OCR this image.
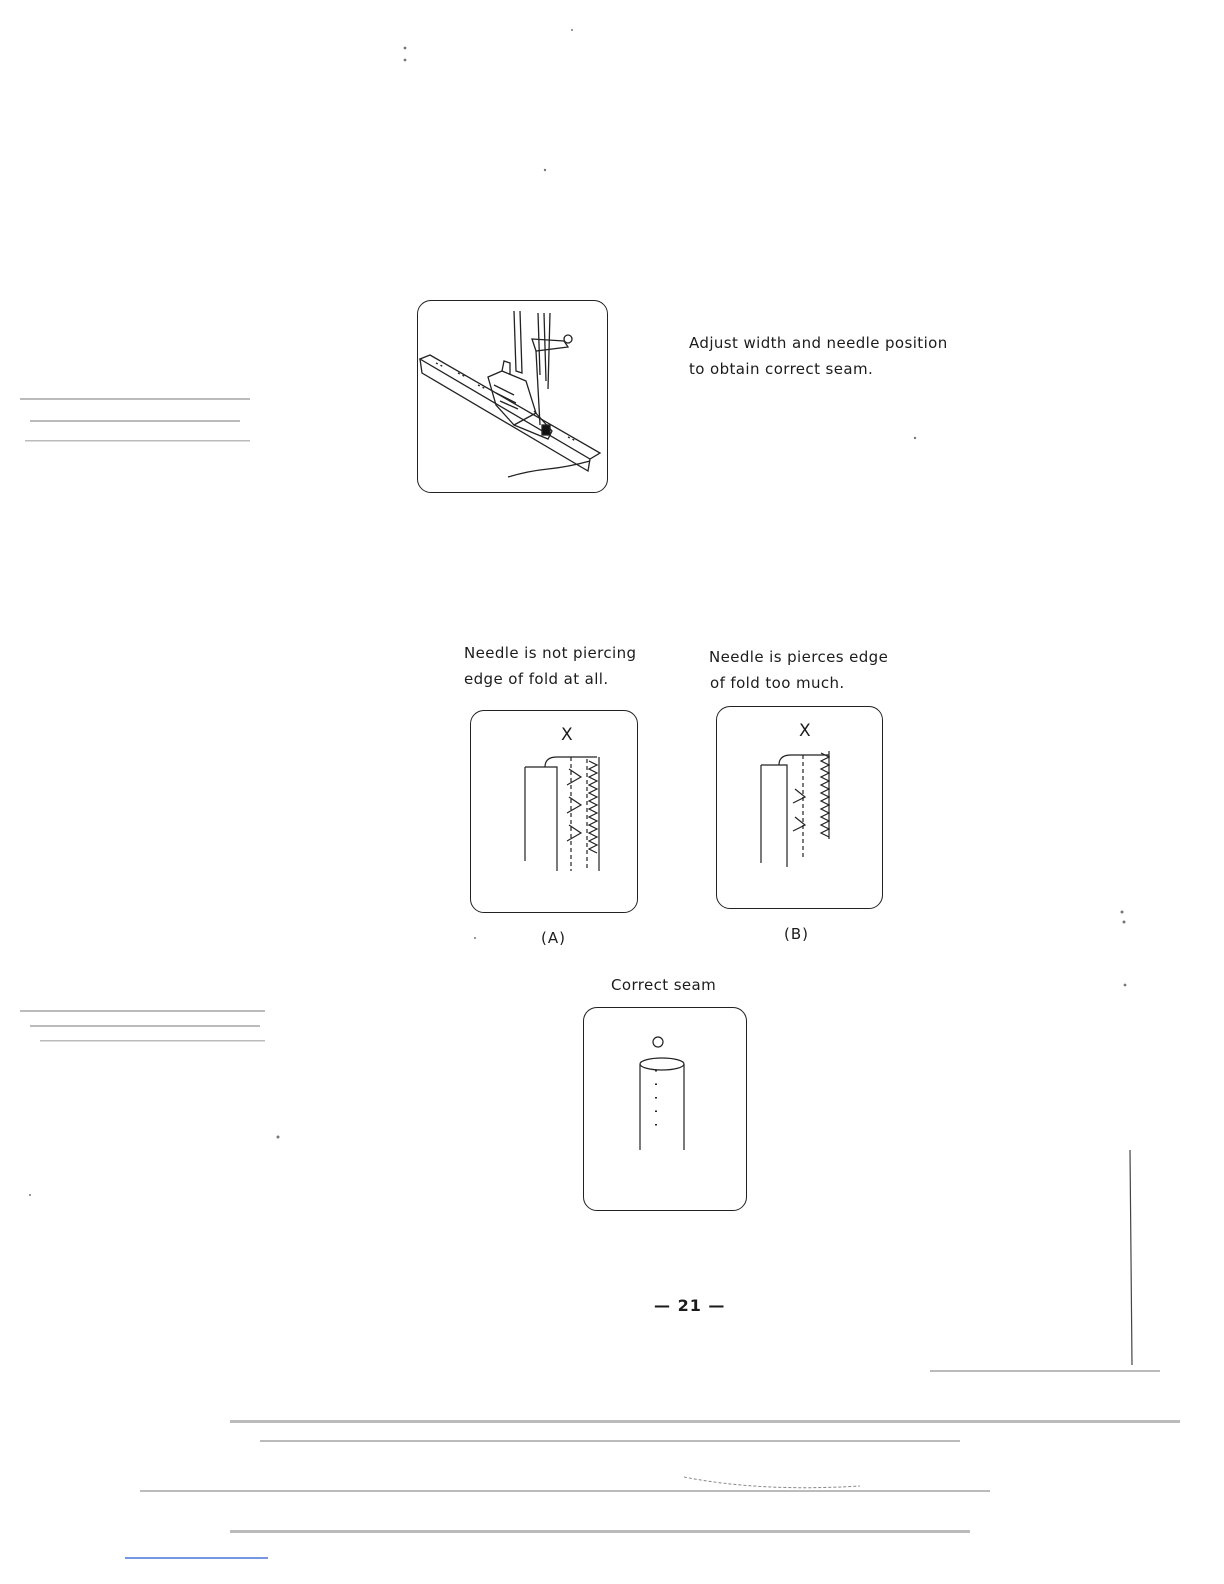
Adjust width and needle position
to obtain correct seam.
Needle is not piercing
edge of fold at all.
X
(A)
Needle is pierces edge
of fold too much.
X
(B)
Correct seam
— 21 —
